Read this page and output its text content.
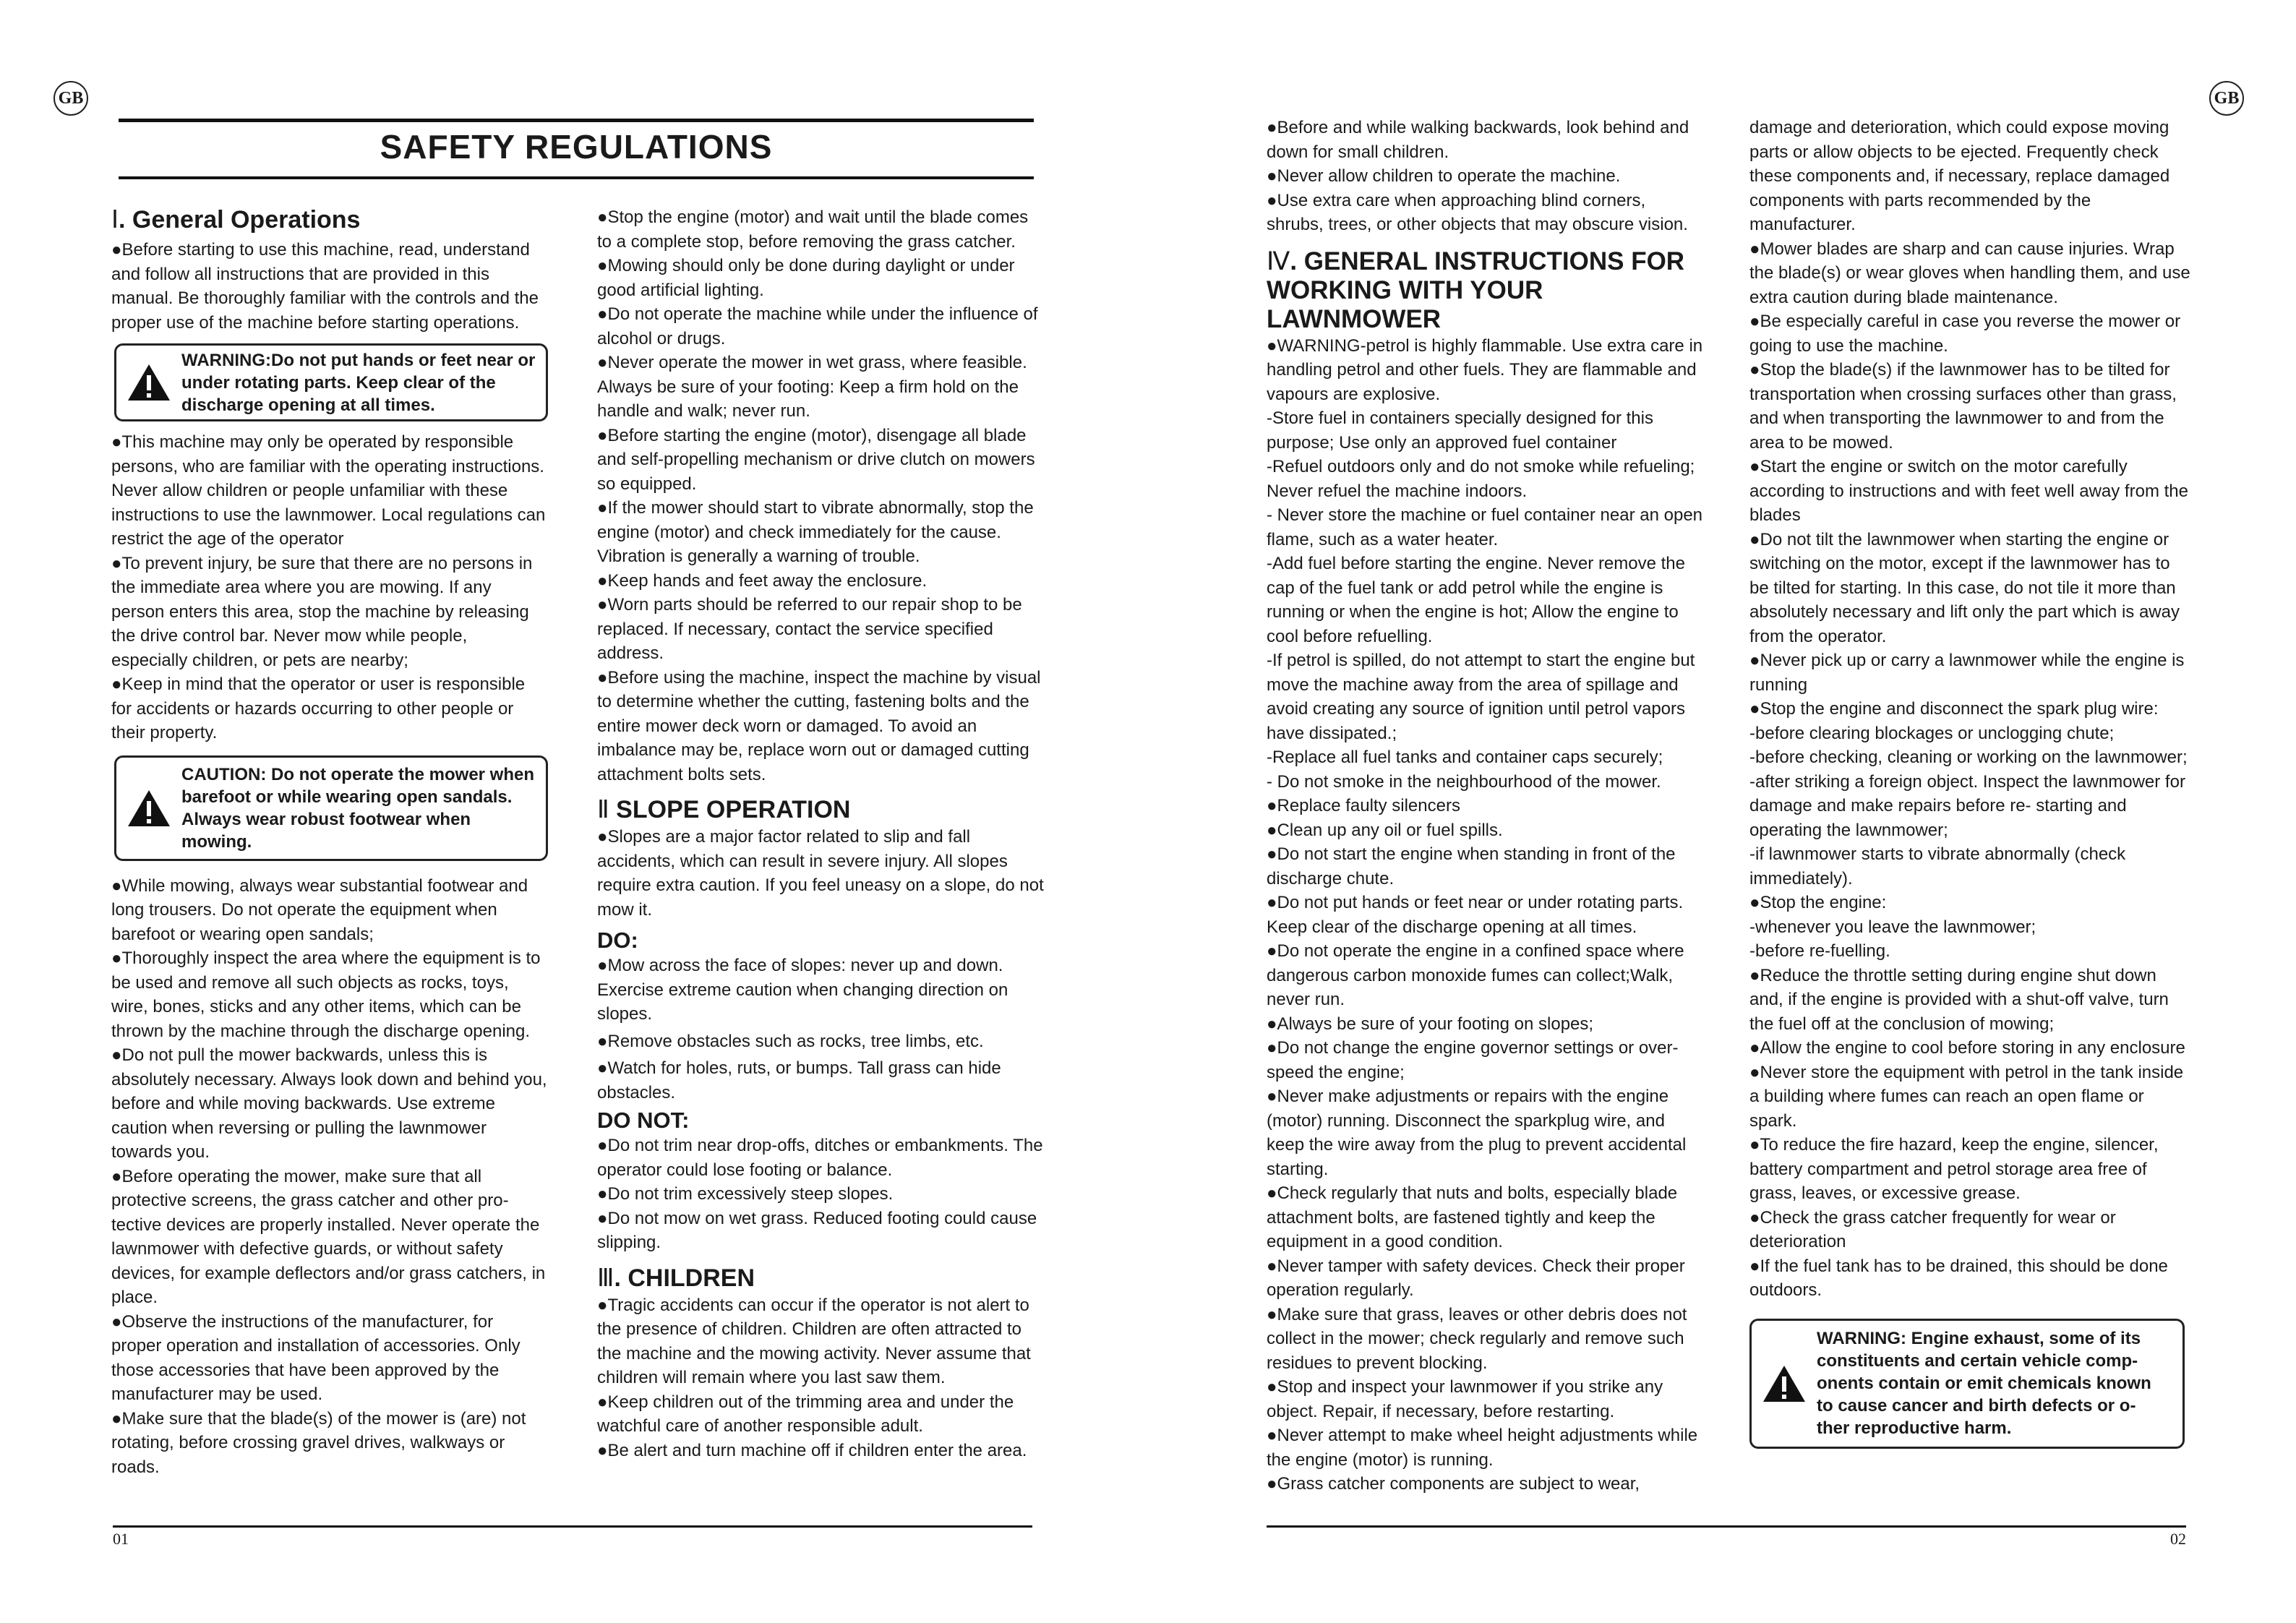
GB	GB
SAFETY REGULATIONS
01	02

Ⅰ. General Operations

●Before starting to use this machine, read, understand and follow all instructions that are provided in this manual. Be thoroughly familiar with the controls and the proper use of the machine before starting operations.

WARNING:Do not put hands or feet near or under rotating parts. Keep clear of the discharge opening at all times.

●This machine may only be operated by responsible persons, who are familiar with the operating instructions. Never allow children or people unfamiliar with these instructions to use the lawnmower. Local regulations can restrict the age of the operator

●To prevent injury, be sure that there are no persons in the immediate area where you are mowing. If any person enters this area, stop the machine by releasing the drive control bar. Never mow while people, especially children, or pets are nearby;

●Keep in mind that the operator or user is responsible for accidents or hazards occurring to other people or their property.

CAUTION: Do not operate the mower when barefoot or while wearing open sandals. Always wear robust footwear when mowing.

●While mowing, always wear substantial footwear and long trousers. Do not operate the equipment when barefoot or wearing open sandals;

●Thoroughly inspect the area where the equipment is to be used and remove all such objects as rocks, toys, wire, bones, sticks and any other items, which can be thrown by the machine through the discharge opening.

●Do not pull the mower backwards, unless this is absolutely necessary. Always look down and behind you, before and while moving backwards. Use extreme caution when reversing or pulling the lawnmower towards you.

●Before operating the mower, make sure that all protective screens, the grass catcher and other pro- tective devices are properly installed. Never operate the lawnmower with defective guards, or without safety devices, for example deflectors and/or grass catchers, in place.

●Observe the instructions of the manufacturer, for proper operation and installation of accessories. Only those accessories that have been approved by the manufacturer may be used.

●Make sure that the blade(s) of the mower is (are) not rotating, before crossing gravel drives, walkways or roads.

●Stop the engine (motor) and wait until the blade comes to a complete stop, before removing the grass catcher.

●Mowing should only be done during daylight or under good artificial lighting.

●Do not operate the machine while under the influence of alcohol or drugs.

●Never operate the mower in wet grass, where feasible. Always be sure of your footing: Keep a firm hold on the handle and walk; never run.

●Before starting the engine (motor), disengage all blade and self-propelling mechanism or drive clutch on mowers so equipped.

●If the mower should start to vibrate abnormally, stop the engine (motor) and check immediately for the cause. Vibration is generally a warning of trouble.

●Keep hands and feet away the enclosure.

●Worn parts should be referred to our repair shop to be replaced. If necessary, contact the service specified address.

●Before using the machine, inspect the machine by visual to determine whether the cutting, fastening bolts and the entire mower deck worn or damaged. To avoid an imbalance may be, replace worn out or damaged cutting attachment bolts sets.

Ⅱ SLOPE OPERATION

●Slopes are a major factor related to slip and fall accidents, which can result in severe injury. All slopes require extra caution. If you feel uneasy on a slope, do not mow it.

DO:

●Mow across the face of slopes: never up and down. Exercise extreme caution when changing direction on slopes.

●Remove obstacles such as rocks, tree limbs, etc.

●Watch for holes, ruts, or bumps. Tall grass can hide obstacles.

DO NOT:

●Do not trim near drop-offs, ditches or embankments. The operator could lose footing or balance.

●Do not trim excessively steep slopes.

●Do not mow on wet grass. Reduced footing could cause slipping.

Ⅲ. CHILDREN

●Tragic accidents can occur if the operator is not alert to the presence of children. Children are often attracted to the machine and the mowing activity. Never assume that children will remain where you last saw them.

●Keep children out of the trimming area and under the watchful care of another responsible adult.

●Be alert and turn machine off if children enter the area.

●Before and while walking backwards, look behind and down for small children.

●Never allow children to operate the machine.

●Use extra care when approaching blind corners, shrubs, trees, or other objects that may obscure vision.

Ⅳ. GENERAL INSTRUCTIONS FOR WORKING WITH YOUR LAWNMOWER

●WARNING-petrol is highly flammable. Use extra care in handling petrol and other fuels. They are flammable and vapours are explosive.

-Store fuel in containers specially designed for this purpose; Use only an approved fuel container

-Refuel outdoors only and do not smoke while refueling; Never refuel the machine indoors.

- Never store the machine or fuel container near an open flame, such as a water heater.

-Add fuel before starting the engine. Never remove the cap of the fuel tank or add petrol while the engine is running or when the engine is hot; Allow the engine to cool before refuelling.

-If petrol is spilled, do not attempt to start the engine but move the machine away from the area of spillage and avoid creating any source of ignition until petrol vapors have dissipated.;

-Replace all fuel tanks and container caps securely;

- Do not smoke in the neighbourhood of the mower.

●Replace faulty silencers

●Clean up any oil or fuel spills.

●Do not start the engine when standing in front of the discharge chute.

●Do not put hands or feet near or under rotating parts. Keep clear of the discharge opening at all times.

●Do not operate the engine in a confined space where dangerous carbon monoxide fumes can collect;Walk, never run.

●Always be sure of your footing on slopes;

●Do not change the engine governor settings or over-speed the engine;

●Never make adjustments or repairs with the engine (motor) running. Disconnect the sparkplug wire, and keep the wire away from the plug to prevent accidental starting.

●Check regularly that nuts and bolts, especially blade attachment bolts, are fastened tightly and keep the equipment in a good condition.

●Never tamper with safety devices. Check their proper operation regularly.

●Make sure that grass, leaves or other debris does not collect in the mower; check regularly and remove such residues to prevent blocking.

●Stop and inspect your lawnmower if you strike any object. Repair, if necessary, before restarting.

●Never attempt to make wheel height adjustments while the engine (motor) is running.

●Grass catcher components are subject to wear,

damage and deterioration, which could expose moving parts or allow objects to be ejected. Frequently check these components and, if necessary, replace damaged components with parts recommended by the manufacturer.

●Mower blades are sharp and can cause injuries. Wrap the blade(s) or wear gloves when handling them, and use extra caution during blade maintenance.

●Be especially careful in case you reverse the mower or going to use the machine.

●Stop the blade(s) if the lawnmower has to be tilted for transportation when crossing surfaces other than grass, and when transporting the lawnmower to and from the area to be mowed.

●Start the engine or switch on the motor carefully according to instructions and with feet well away from the blades

●Do not tilt the lawnmower when starting the engine or switching on the motor, except if the lawnmower has to be tilted for starting. In this case, do not tile it more than absolutely necessary and lift only the part which is away from the operator.

●Never pick up or carry a lawnmower while the engine is running

●Stop the engine and disconnect the spark plug wire:

-before clearing blockages or unclogging chute;

-before checking, cleaning or working on the lawnmower;

-after striking a foreign object. Inspect the lawnmower for damage and make repairs before re- starting and operating the lawnmower;

-if lawnmower starts to vibrate abnormally (check immediately).

●Stop the engine:

-whenever you leave the lawnmower;

-before re-fuelling.

●Reduce the throttle setting during engine shut down and, if the engine is provided with a shut-off valve, turn the fuel off at the conclusion of mowing;

●Allow the engine to cool before storing in any enclosure

●Never store the equipment with petrol in the tank inside a building where fumes can reach an open flame or spark.

●To reduce the fire hazard, keep the engine, silencer, battery compartment and petrol storage area free of grass, leaves, or excessive grease.

●Check the grass catcher frequently for wear or deterioration

●If the fuel tank has to be drained, this should be done outdoors.

WARNING: Engine exhaust, some of its constituents and certain vehicle comp- onents contain or emit chemicals known to cause cancer and birth defects or o- ther reproductive harm.
